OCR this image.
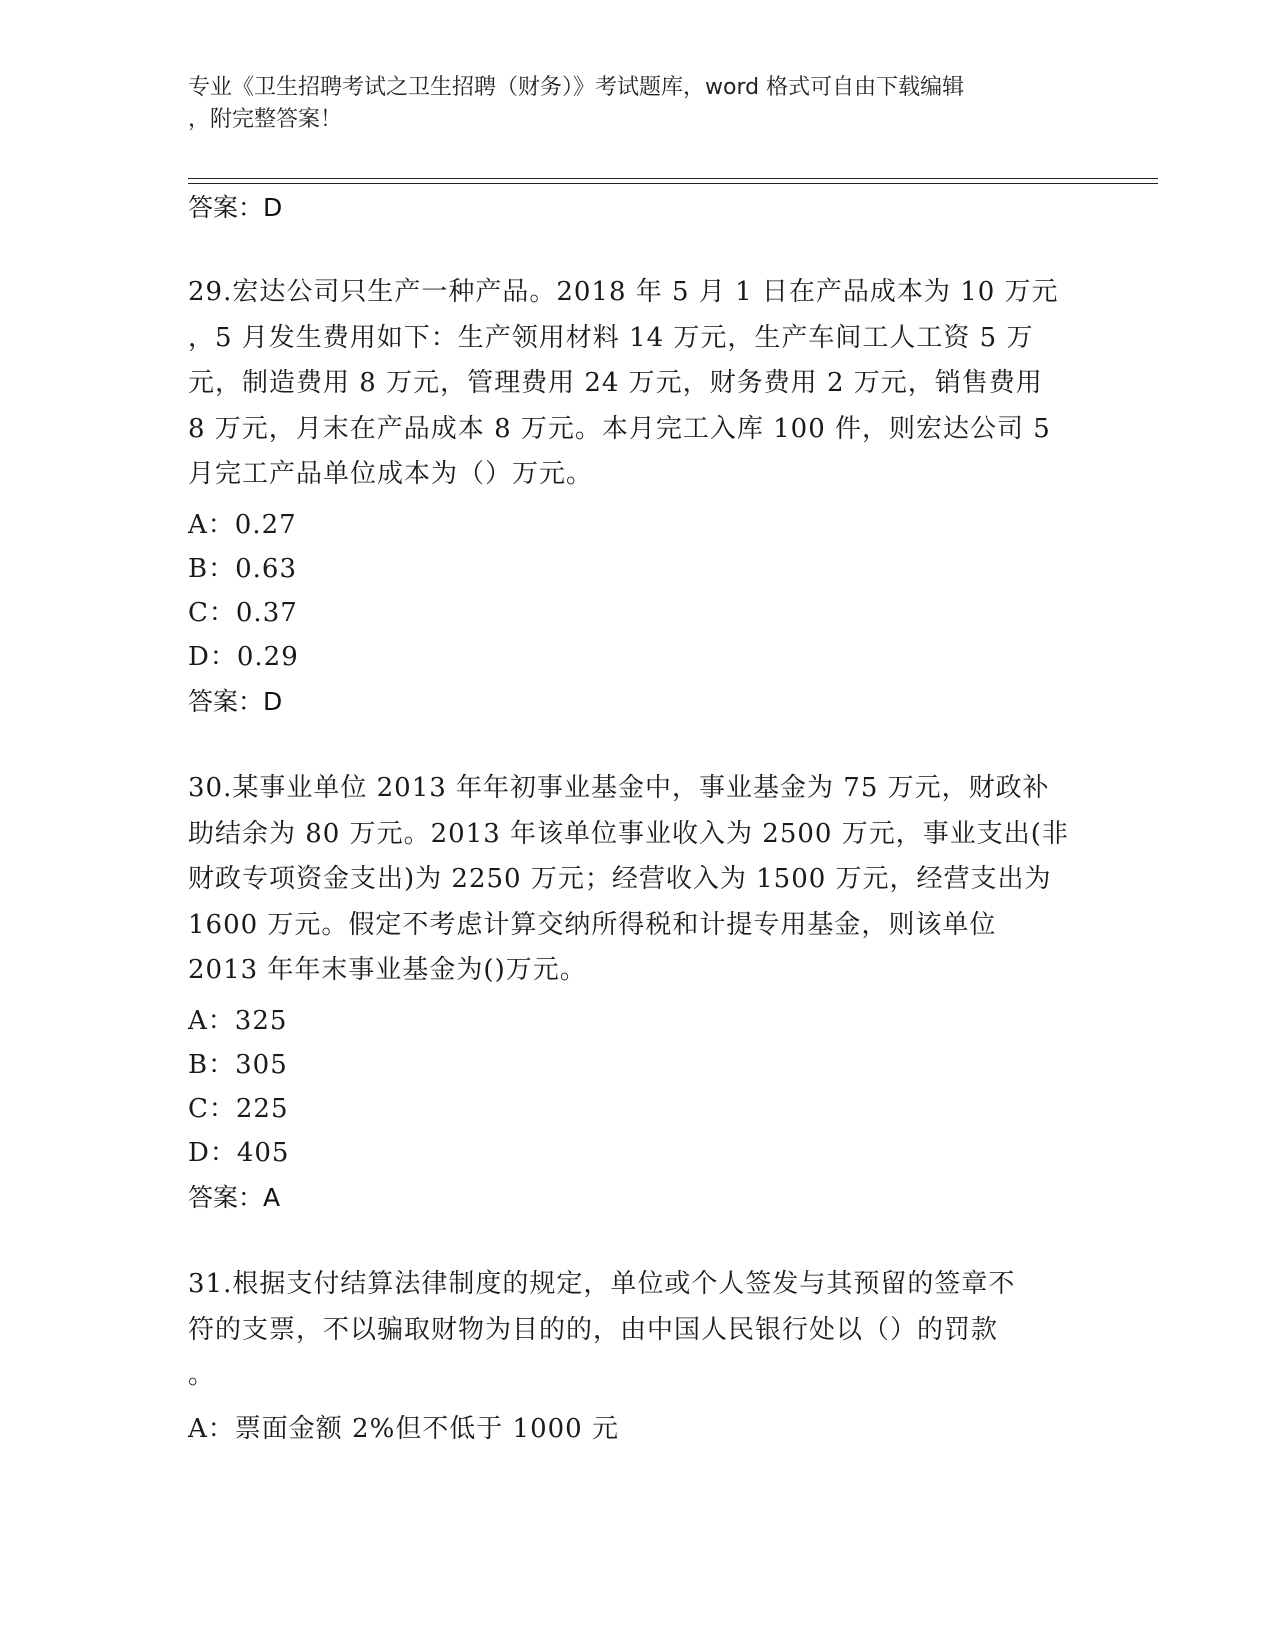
专业《卫生招聘考试之卫生招聘（财务）》考试题库，word 格式可自由下载编辑
，附完整答案！
答案：D
29.宏达公司只生产一种产品。2018 年 5 月 1 日在产品成本为 10 万元
，5 月发生费用如下：生产领用材料 14 万元，生产车间工人工资 5 万
元，制造费用 8 万元，管理费用 24 万元，财务费用 2 万元，销售费用
8 万元，月末在产品成本 8 万元。本月完工入库 100 件，则宏达公司 5
月完工产品单位成本为（）万元。
A：0.27
B：0.63
C：0.37
D：0.29
答案：D
30.某事业单位 2013 年年初事业基金中，事业基金为 75 万元，财政补
助结余为 80 万元。2013 年该单位事业收入为 2500 万元，事业支出(非
财政专项资金支出)为 2250 万元；经营收入为 1500 万元，经营支出为
1600 万元。假定不考虑计算交纳所得税和计提专用基金，则该单位
2013 年年末事业基金为()万元。
A：325
B：305
C：225
D：405
答案：A
31.根据支付结算法律制度的规定，单位或个人签发与其预留的签章不
符的支票，不以骗取财物为目的的，由中国人民银行处以（）的罚款
。
A：票面金额 2%但不低于 1000 元
